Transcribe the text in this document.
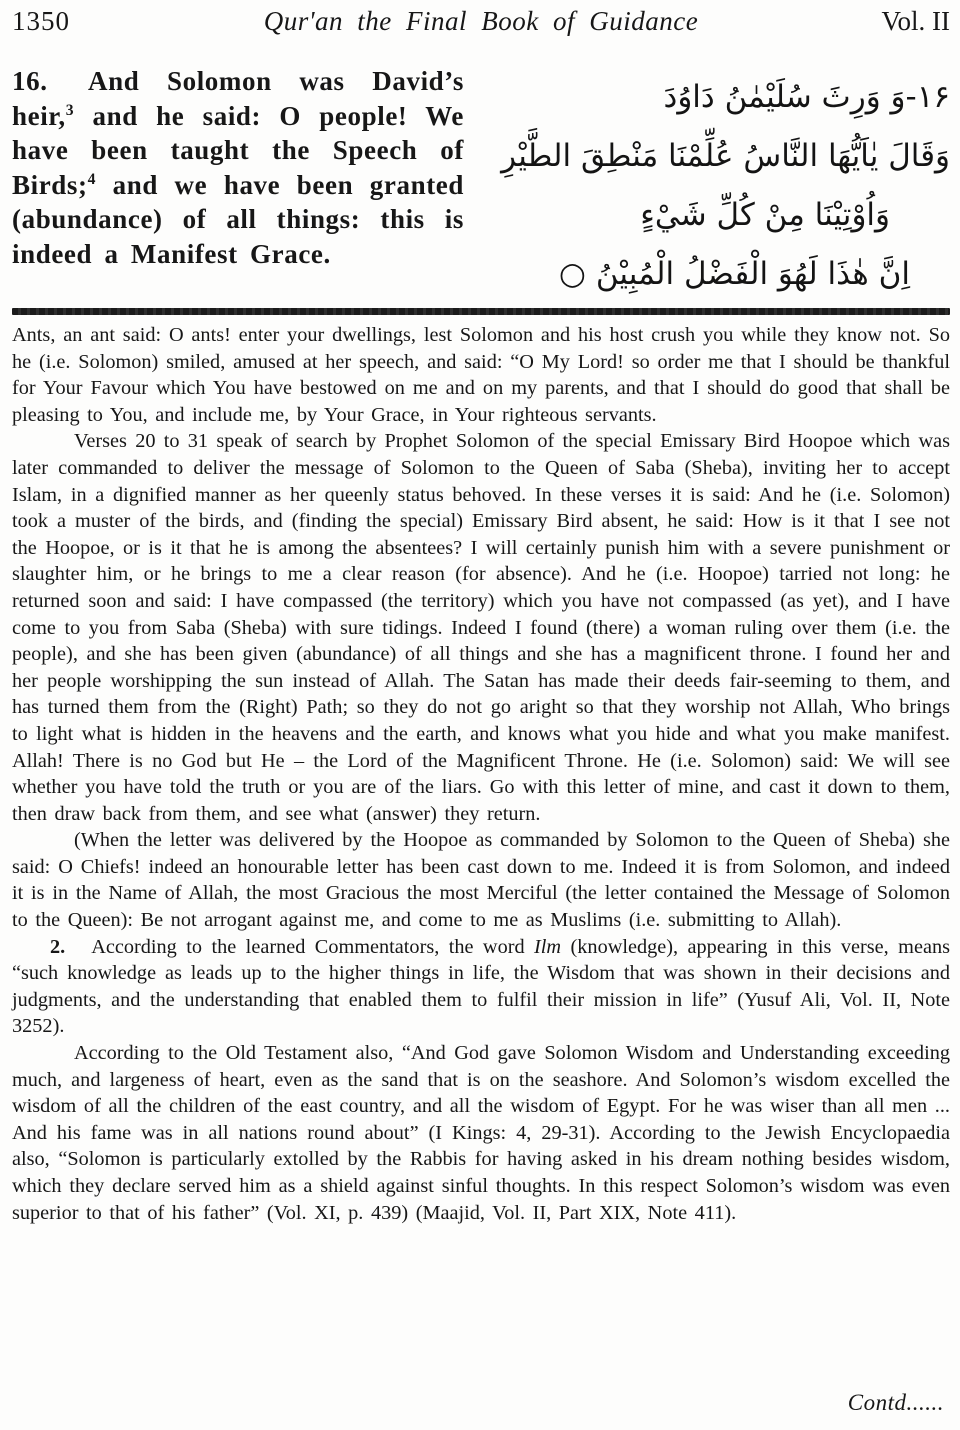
1350	Qur'an the Final Book of Guidance	Vol. II
16. And Solomon was David’s heir,$^3$ and he said: O people! We have been taught the Speech of Birds;$^4$ and we have been granted (abundance) of all things: this is indeed a Manifest Grace.
۱۶-وَ وَرِثَ سُلَيْمٰنُ دَاوُدَ
وَقَالَ يٰاَيُّهَا النَّاسُ عُلِّمْنَا مَنْطِقَ الطَّيْرِ
وَاُوْتِيْنَا مِنْ كُلِّ شَيْءٍ
اِنَّ هٰذَا لَهُوَ الْفَضْلُ الْمُبِيْنُ ○

Ants, an ant said: O ants! enter your dwellings, lest Solomon and his host crush you while they know not. So he (i.e. Solomon) smiled, amused at her speech, and said: “O My Lord! so order me that I should be thankful for Your Favour which You have bestowed on me and on my parents, and that I should do good that shall be pleasing to You, and include me, by Your Grace, in Your righteous servants.

Verses 20 to 31 speak of search by Prophet Solomon of the special Emissary Bird Hoopoe which was later commanded to deliver the message of Solomon to the Queen of Saba (Sheba), inviting her to accept Islam, in a dignified manner as her queenly status behoved. In these verses it is said: And he (i.e. Solomon) took a muster of the birds, and (finding the special) Emissary Bird absent, he said: How is it that I see not the Hoopoe, or is it that he is among the absentees? I will certainly punish him with a severe punishment or slaughter him, or he brings to me a clear reason (for absence). And he (i.e. Hoopoe) tarried not long: he returned soon and said: I have compassed (the territory) which you have not compassed (as yet), and I have come to you from Saba (Sheba) with sure tidings. Indeed I found (there) a woman ruling over them (i.e. the people), and she has been given (abundance) of all things and she has a magnificent throne. I found her and her people worshipping the sun instead of Allah. The Satan has made their deeds fair-seeming to them, and has turned them from the (Right) Path; so they do not go aright so that they worship not Allah, Who brings to light what is hidden in the heavens and the earth, and knows what you hide and what you make manifest. Allah! There is no God but He – the Lord of the Magnificent Throne. He (i.e. Solomon) said: We will see whether you have told the truth or you are of the liars. Go with this letter of mine, and cast it down to them, then draw back from them, and see what (answer) they return.

(When the letter was delivered by the Hoopoe as commanded by Solomon to the Queen of Sheba) she said: O Chiefs! indeed an honourable letter has been cast down to me. Indeed it is from Solomon, and indeed it is in the Name of Allah, the most Gracious the most Merciful (the letter contained the Message of Solomon to the Queen): Be not arrogant against me, and come to me as Muslims (i.e. submitting to Allah).

2. According to the learned Commentators, the word Ilm (knowledge), appearing in this verse, means “such knowledge as leads up to the higher things in life, the Wisdom that was shown in their decisions and judgments, and the understanding that enabled them to fulfil their mission in life” (Yusuf Ali, Vol. II, Note 3252).

According to the Old Testament also, “And God gave Solomon Wisdom and Understanding exceeding much, and largeness of heart, even as the sand that is on the seashore. And Solomon’s wisdom excelled the wisdom of all the children of the east country, and all the wisdom of Egypt. For he was wiser than all men ... And his fame was in all nations round about” (I Kings: 4, 29-31). According to the Jewish Encyclopaedia also, “Solomon is particularly extolled by the Rabbis for having asked in his dream nothing besides wisdom, which they declare served him as a shield against sinful thoughts. In this respect Solomon’s wisdom was even superior to that of his father” (Vol. XI, p. 439) (Maajid, Vol. II, Part XIX, Note 411).

Contd......
